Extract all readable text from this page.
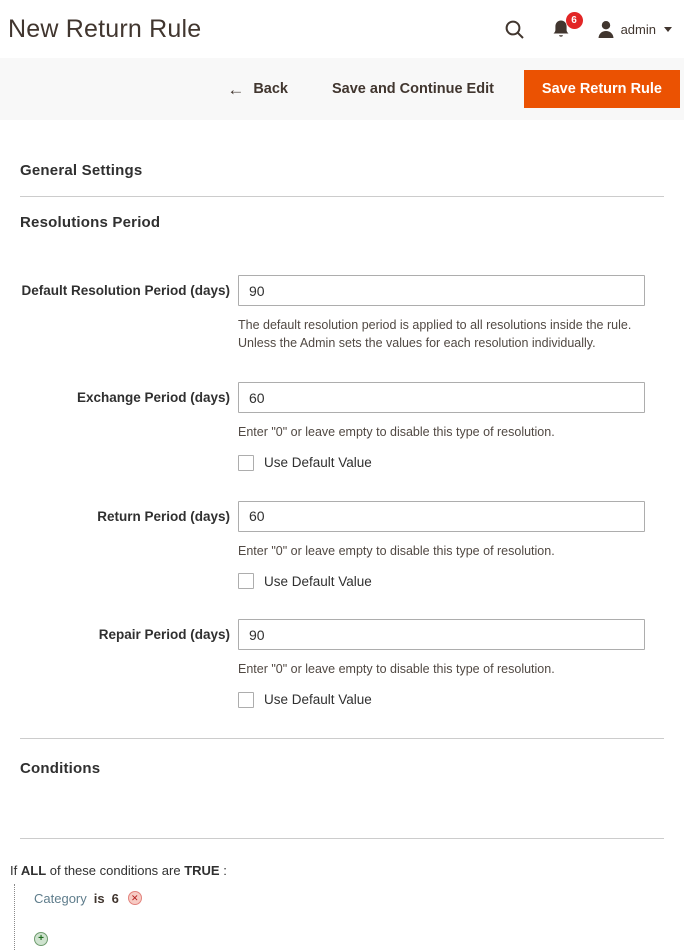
New Return Rule	6
admin
← Back	Save and Continue Edit	Save Return Rule
General Settings
Resolutions Period
Default Resolution Period (days)
90
The default resolution period is applied to all resolutions inside the rule. Unless the Admin sets the values for each resolution individually.
Exchange Period (days)
60
Enter "0" or leave empty to disable this type of resolution.
Use Default Value
Return Period (days)
60
Enter "0" or leave empty to disable this type of resolution.
Use Default Value
Repair Period (days)
90
Enter "0" or leave empty to disable this type of resolution.
Use Default Value
Conditions
If ALL of these conditions are TRUE :
Category is 6	✕
+
